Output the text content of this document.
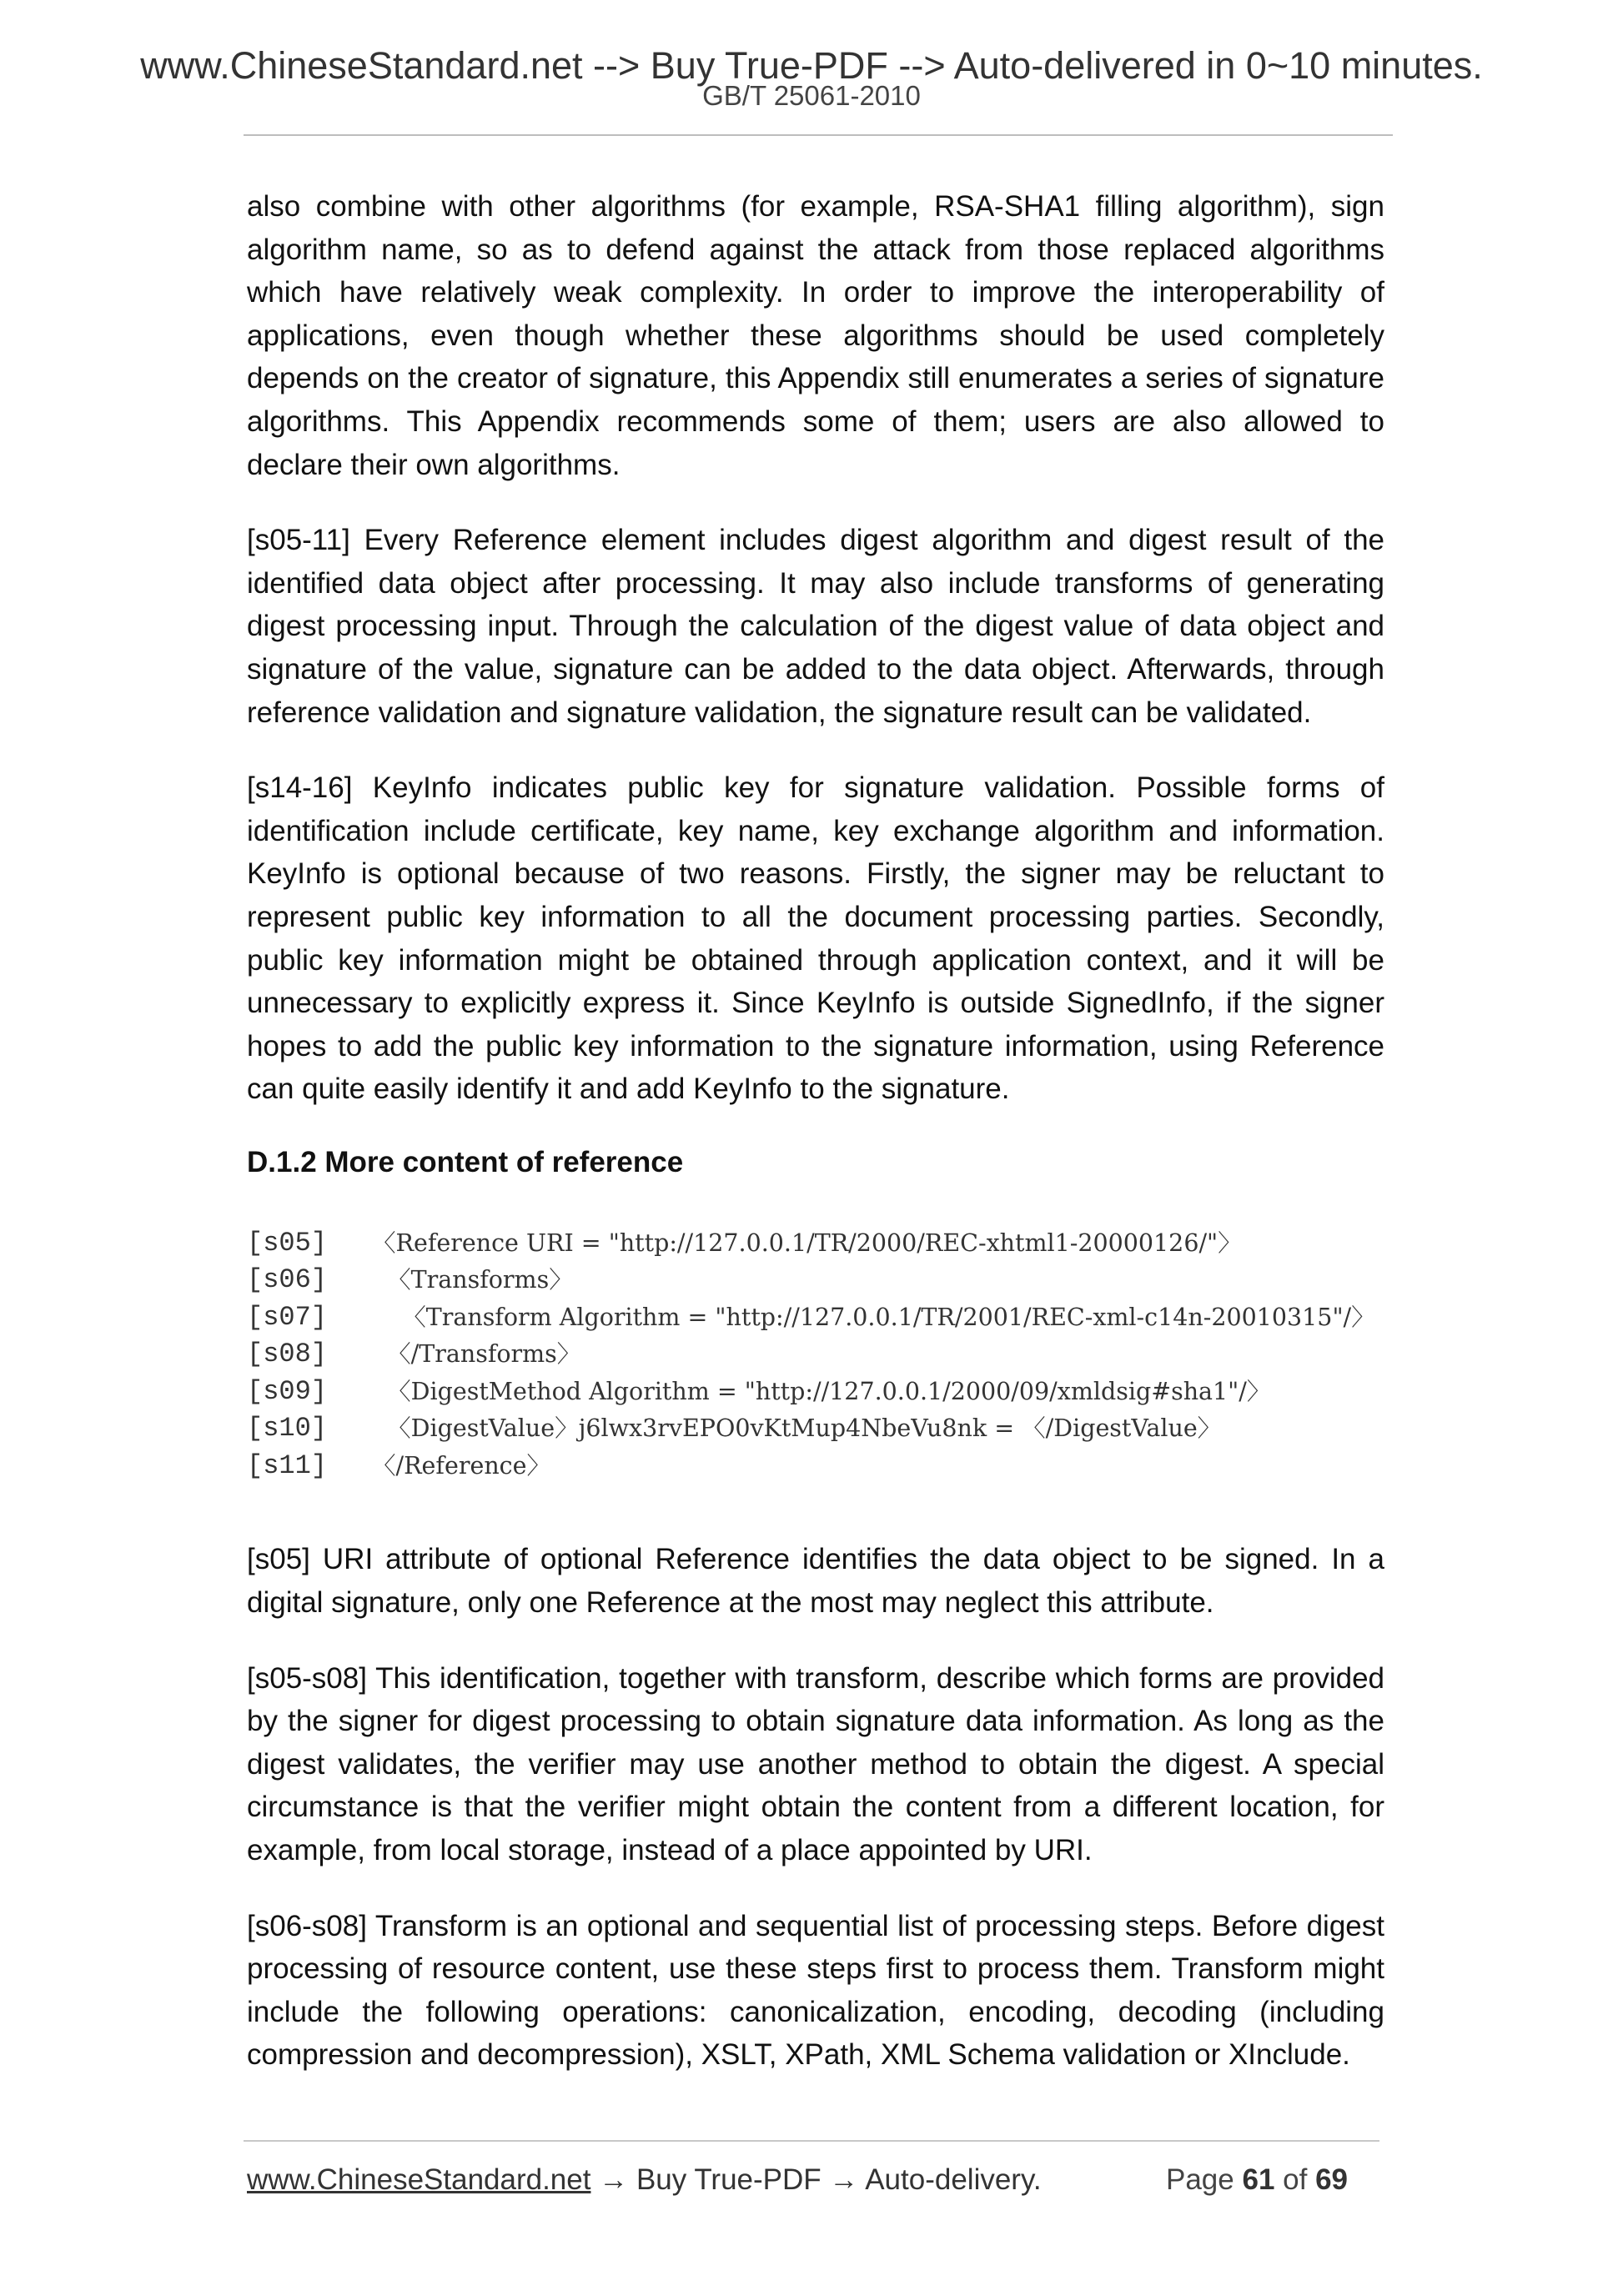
www.ChineseStandard.net --> Buy True-PDF --> Auto-delivered in 0~10 minutes.
GB/T 25061-2010

also combine with other algorithms (for example, RSA-SHA1 filling algorithm), sign algorithm name, so as to defend against the attack from those replaced algorithms which have relatively weak complexity. In order to improve the interoperability of applications, even though whether these algorithms should be used completely depends on the creator of signature, this Appendix still enumerates a series of signature algorithms. This Appendix recommends some of them; users are also allowed to declare their own algorithms.

[s05-11] Every Reference element includes digest algorithm and digest result of the identified data object after processing. It may also include transforms of generating digest processing input. Through the calculation of the digest value of data object and signature of the value, signature can be added to the data object. Afterwards, through reference validation and signature validation, the signature result can be validated.

[s14-16] KeyInfo indicates public key for signature validation. Possible forms of identification include certificate, key name, key exchange algorithm and information. KeyInfo is optional because of two reasons. Firstly, the signer may be reluctant to represent public key information to all the document processing parties. Secondly, public key information might be obtained through application context, and it will be unnecessary to explicitly express it. Since KeyInfo is outside SignedInfo, if the signer hopes to add the public key information to the signature information, using Reference can quite easily identify it and add KeyInfo to the signature.

D.1.2 More content of reference
[s05]	〈Reference URI = "http://127.0.0.1/TR/2000/REC-xhtml1-20000126/"〉
[s06]	〈Transforms〉
[s07]	〈Transform Algorithm = "http://127.0.0.1/TR/2001/REC-xml-c14n-20010315"/〉
[s08]	〈/Transforms〉
[s09]	〈DigestMethod Algorithm = "http://127.0.0.1/2000/09/xmldsig#sha1"/〉
[s10]	〈DigestValue〉j6lwx3rvEPO0vKtMup4NbeVu8nk = 〈/DigestValue〉
[s11]	〈/Reference〉

[s05] URI attribute of optional Reference identifies the data object to be signed. In a digital signature, only one Reference at the most may neglect this attribute.

[s05-s08] This identification, together with transform, describe which forms are provided by the signer for digest processing to obtain signature data information. As long as the digest validates, the verifier may use another method to obtain the digest. A special circumstance is that the verifier might obtain the content from a different location, for example, from local storage, instead of a place appointed by URI.

[s06-s08] Transform is an optional and sequential list of processing steps. Before digest processing of resource content, use these steps first to process them. Transform might include the following operations: canonicalization, encoding, decoding (including compression and decompression), XSLT, XPath, XML Schema validation or XInclude.

www.ChineseStandard.net → Buy True-PDF → Auto-delivery.	Page 61 of 69
